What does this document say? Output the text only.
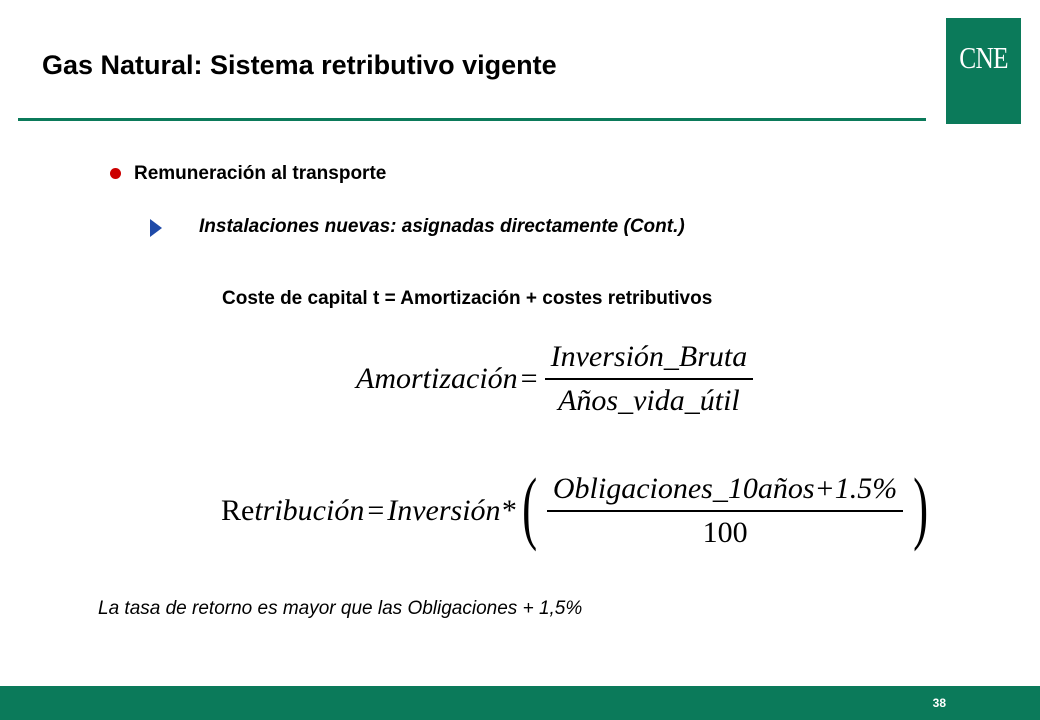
Gas Natural: Sistema retributivo vigente	CNE
Remuneración al transporte
Instalaciones nuevas: asignadas directamente (Cont.)
Coste de capital t = Amortización + costes retributivos
Amortización = $\frac{\text{Inversión\_Bruta}}{\text{Años\_vida\_útil}}$
Re tribución = Inversión* ( $\frac{\text{Obligaciones\_10años+1.5\%}}{100}$ )
La tasa de retorno es mayor que las Obligaciones + 1,5%
38
